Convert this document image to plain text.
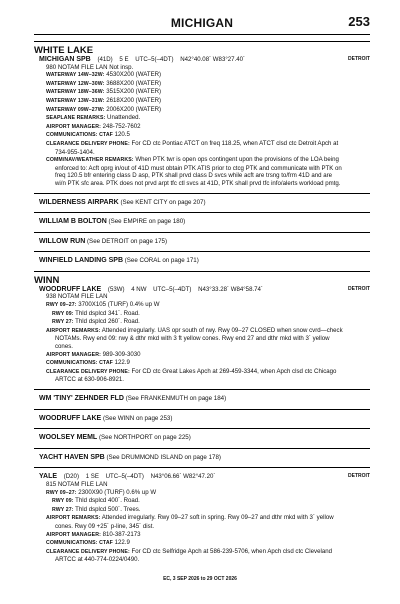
MICHIGAN	253
WHITE LAKE
DETROIT
MICHIGAN SPB (41D) 5 E UTC–5(–4DT) N42°40.08´ W83°27.40´
980 NOTAM FILE LAN Not insp.
WATERWAY 14W–32W: 4530X200 (WATER)
WATERWAY 12W–30W: 3688X200 (WATER)
WATERWAY 18W–36W: 3515X200 (WATER)
WATERWAY 13W–31W: 2618X200 (WATER)
WATERWAY 09W–27W: 2006X200 (WATER)
SEAPLANE REMARKS: Unattended.
AIRPORT MANAGER: 248-752-7602
COMMUNICATIONS: CTAF 120.5
CLEARANCE DELIVERY PHONE: For CD ctc Pontiac ATCT on freq 118.25, when ATCT clsd ctc Detroit Apch at 734-955-1404.
COMM/NAV/WEATHER REMARKS: When PTK twr is open ops contingent upon the provisions of the LOA being enforced to: Acft oprg in/out of 41D must obtain PTK ATIS prior to ctcg PTK and communicate with PTK on freq 120.5 bfr entering class D asp, PTK shall prvd class D svcs while acft are trsng to/frm 41D and are wi/n PTK sfc area. PTK does not prvd arpt tfc ctl svcs at 41D, PTK shall prvd tfc info/alerts workload pmtg.
WILDERNESS AIRPARK (See KENT CITY on page 207)
WILLIAM B BOLTON (See EMPIRE on page 180)
WILLOW RUN (See DETROIT on page 175)
WINFIELD LANDING SPB (See CORAL on page 171)
WINN
DETROIT
WOODRUFF LAKE (53W) 4 NW UTC–5(–4DT) N43°33.28´ W84°58.74´
938 NOTAM FILE LAN
RWY 09–27: 3700X105 (TURF) 0.4% up W
RWY 09: Thld dsplcd 341´. Road.
RWY 27: Thld dsplcd 260´. Road.
AIRPORT REMARKS: Attended irregularly. UAS opr south of rwy. Rwy 09–27 CLOSED when snow cvrd—check NOTAMs. Rwy end 09: rwy & dthr mkd with 3 ft yellow cones. Rwy end 27 and dthr mkd with 3´ yellow cones.
AIRPORT MANAGER: 989-309-3030
COMMUNICATIONS: CTAF 122.9
CLEARANCE DELIVERY PHONE: For CD ctc Great Lakes Apch at 269-459-3344, when Apch clsd ctc Chicago ARTCC at 630-906-8921.
WM 'TINY' ZEHNDER FLD (See FRANKENMUTH on page 184)
WOODRUFF LAKE (See WINN on page 253)
WOOLSEY MEML (See NORTHPORT on page 225)
YACHT HAVEN SPB (See DRUMMOND ISLAND on page 178)
DETROIT
YALE (D20) 1 SE UTC–5(–4DT) N43°06.66´ W82°47.20´
815 NOTAM FILE LAN
RWY 09–27: 2300X90 (TURF) 0.6% up W
RWY 09: Thld dsplcd 400´. Road.
RWY 27: Thld dsplcd 500´. Trees.
AIRPORT REMARKS: Attended irregularly. Rwy 09–27 soft in spring. Rwy 09–27 and dthr mkd with 3´ yellow cones. Rwy 09 +25´ p-line, 345´ dist.
AIRPORT MANAGER: 810-387-2173
COMMUNICATIONS: CTAF 122.9
CLEARANCE DELIVERY PHONE: For CD ctc Selfridge Apch at 586-239-5706, when Apch clsd ctc Cleveland ARTCC at 440-774-0224/0490.
EC, 3 SEP 2026 to 29 OCT 2026
